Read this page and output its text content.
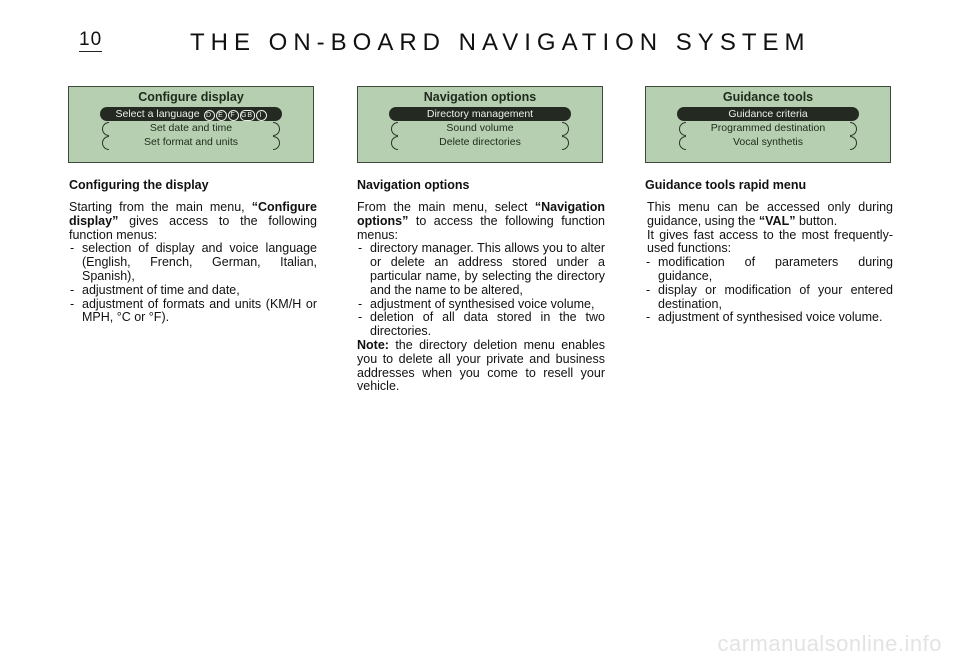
10	THE ON-BOARD NAVIGATION SYSTEM
Configure display
Select a language D E F GB I
Set date and time
Set format and units
Navigation options
Directory management
Sound volume
Delete directories
Guidance tools
Guidance criteria
Programmed destination
Vocal synthetis
Configuring the display

Starting from the main menu, “Configure display” gives access to the following function menus:

- selection of display and voice language (English, French, German, Italian, Spanish),
- adjustment of time and date,
- adjustment of formats and units (KM/H or MPH, °C or °F).
Navigation options

From the main menu, select “Navigation options” to access the following function menus:

- directory manager. This allows you to alter or delete an address stored under a particular name, by selecting the directory and the name to be altered,
- adjustment of synthesised voice volume,
- deletion of all data stored in the two directories.

Note: the directory deletion menu enables you to delete all your private and business addresses when you come to resell your vehicle.

Guidance tools rapid menu

This menu can be accessed only during guidance, using the “VAL” button.

It gives fast access to the most frequently-used functions:

- modification of parameters during guidance,
- display or modification of your entered destination,
- adjustment of synthesised voice volume.
carmanualsonline.info
